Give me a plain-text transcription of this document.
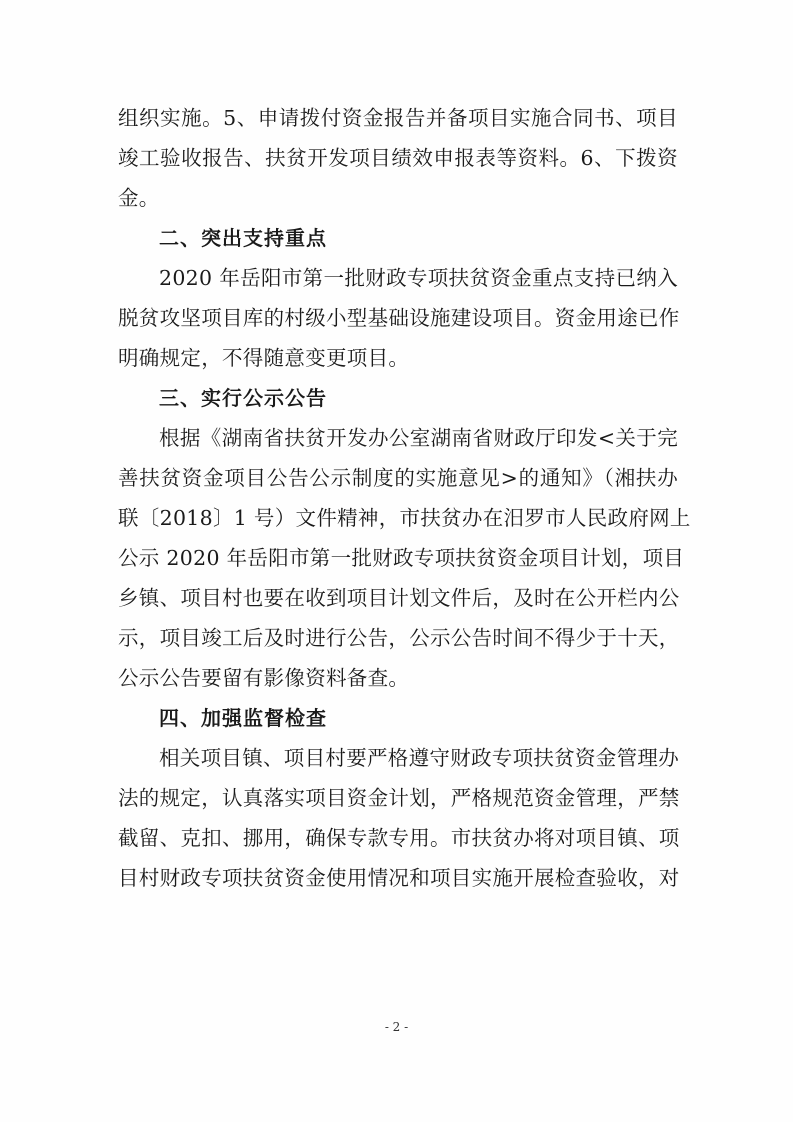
组织实施。5、申请拨付资金报告并备项目实施合同书、项目
竣工验收报告、扶贫开发项目绩效申报表等资料。6、下拨资
金。
二、突出支持重点
2020 年岳阳市第一批财政专项扶贫资金重点支持已纳入
脱贫攻坚项目库的村级小型基础设施建设项目。资金用途已作
明确规定，不得随意变更项目。
三、实行公示公告
根据《湖南省扶贫开发办公室湖南省财政厅印发<关于完
善扶贫资金项目公告公示制度的实施意见>的通知》（湘扶办
联〔2018〕1 号）文件精神，市扶贫办在汨罗市人民政府网上
公示 2020 年岳阳市第一批财政专项扶贫资金项目计划，项目
乡镇、项目村也要在收到项目计划文件后，及时在公开栏内公
示，项目竣工后及时进行公告，公示公告时间不得少于十天，
公示公告要留有影像资料备查。
四、加强监督检查
相关项目镇、项目村要严格遵守财政专项扶贫资金管理办
法的规定，认真落实项目资金计划，严格规范资金管理，严禁
截留、克扣、挪用，确保专款专用。市扶贫办将对项目镇、项
目村财政专项扶贫资金使用情况和项目实施开展检查验收，对
- 2 -
